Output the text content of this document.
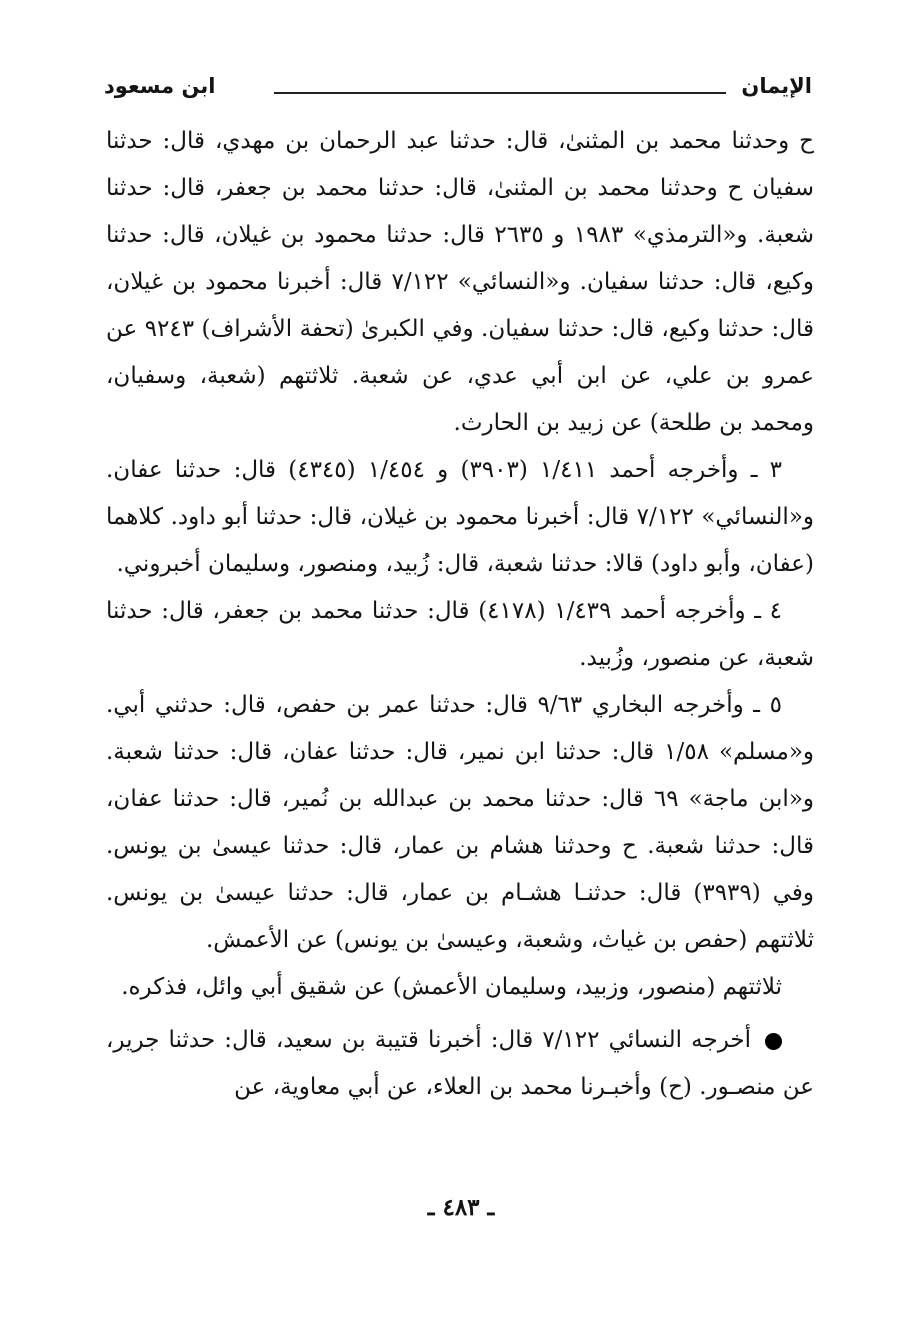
الإيمان
ابن مسعود

ح وحدثنا محمد بن المثنىٰ، قال: حدثنا عبد الرحمان بن مهدي، قال: حدثنا سفيان ح وحدثنا محمد بن المثنىٰ، قال: حدثنا محمد بن جعفر، قال: حدثنا شعبة. و«الترمذي» ١٩٨٣ و ٢٦٣٥ قال: حدثنا محمود بن غيلان، قال: حدثنا وكيع، قال: حدثنا سفيان. و«النسائي» ٧/١٢٢ قال: أخبرنا محمود بن غيلان، قال: حدثنا وكيع، قال: حدثنا سفيان. وفي الكبرىٰ (تحفة الأشراف) ٩٢٤٣ عن عمرو بن علي، عن ابن أبي عدي، عن شعبة. ثلاثتهم (شعبة، وسفيان، ومحمد بن طلحة) عن زبيد بن الحارث.

٣ ـ وأخرجه أحمد ١/٤١١ (٣٩٠٣) و ١/٤٥٤ (٤٣٤٥) قال: حدثنا عفان. و«النسائي» ٧/١٢٢ قال: أخبرنا محمود بن غيلان، قال: حدثنا أبو داود. كلاهما (عفان، وأبو داود) قالا: حدثنا شعبة، قال: زُبيد، ومنصور، وسليمان أخبروني.

٤ ـ وأخرجه أحمد ١/٤٣٩ (٤١٧٨) قال: حدثنا محمد بن جعفر، قال: حدثنا شعبة، عن منصور، وزُبيد.

٥ ـ وأخرجه البخاري ٩/٦٣ قال: حدثنا عمر بن حفص، قال: حدثني أبي. و«مسلم» ١/٥٨ قال: حدثنا ابن نمير، قال: حدثنا عفان، قال: حدثنا شعبة. و«ابن ماجة» ٦٩ قال: حدثنا محمد بن عبدالله بن نُمير، قال: حدثنا عفان، قال: حدثنا شعبة. ح وحدثنا هشام بن عمار، قال: حدثنا عيسىٰ بن يونس. وفي (٣٩٣٩) قال: حدثنـا هشـام بن عمار، قال: حدثنا عيسىٰ بن يونس. ثلاثتهم (حفص بن غياث، وشعبة، وعيسىٰ بن يونس) عن الأعمش.

ثلاثتهم (منصور، وزبيد، وسليمان الأعمش) عن شقيق أبي وائل، فذكره.

أخرجه النسائي ٧/١٢٢ قال: أخبرنا قتيبة بن سعيد، قال: حدثنا جرير، عن منصـور. (ح) وأخبـرنا محمد بن العلاء، عن أبي معاوية، عن

ـ ٤٨٣ ـ
